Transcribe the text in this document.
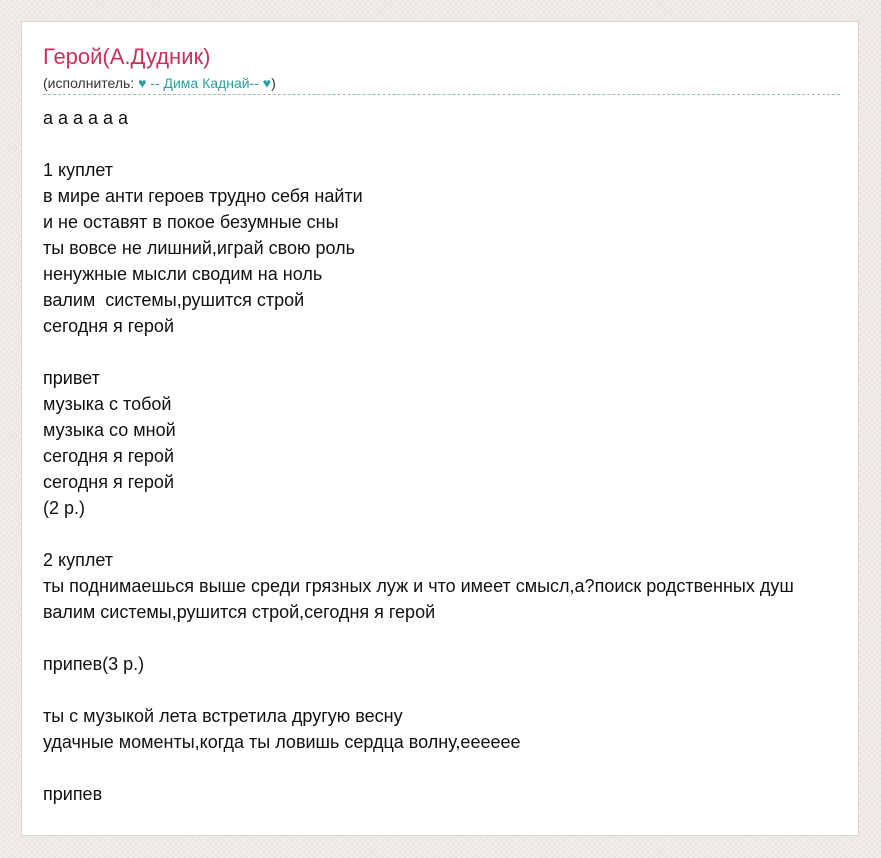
Герой(А.Дудник)
(исполнитель: ♥ -- Дима Каднай-- ♥)
а а а а а а
1 куплет
в мире анти героев трудно себя найти
и не оставят в покое безумные сны
ты вовсе не лишний,играй свою роль
ненужные мысли сводим на ноль
валим  системы,рушится строй
сегодня я герой
привет
музыка с тобой
музыка со мной
сегодня я герой
сегодня я герой
(2 р.)
2 куплет
ты поднимаешься выше среди грязных луж и что имеет смысл,а?поиск родственных душ
валим системы,рушится строй,сегодня я герой
припев(3 р.)
ты с музыкой лета встретила другую весну
удачные моменты,когда ты ловишь сердца волну,ееееее
припев
